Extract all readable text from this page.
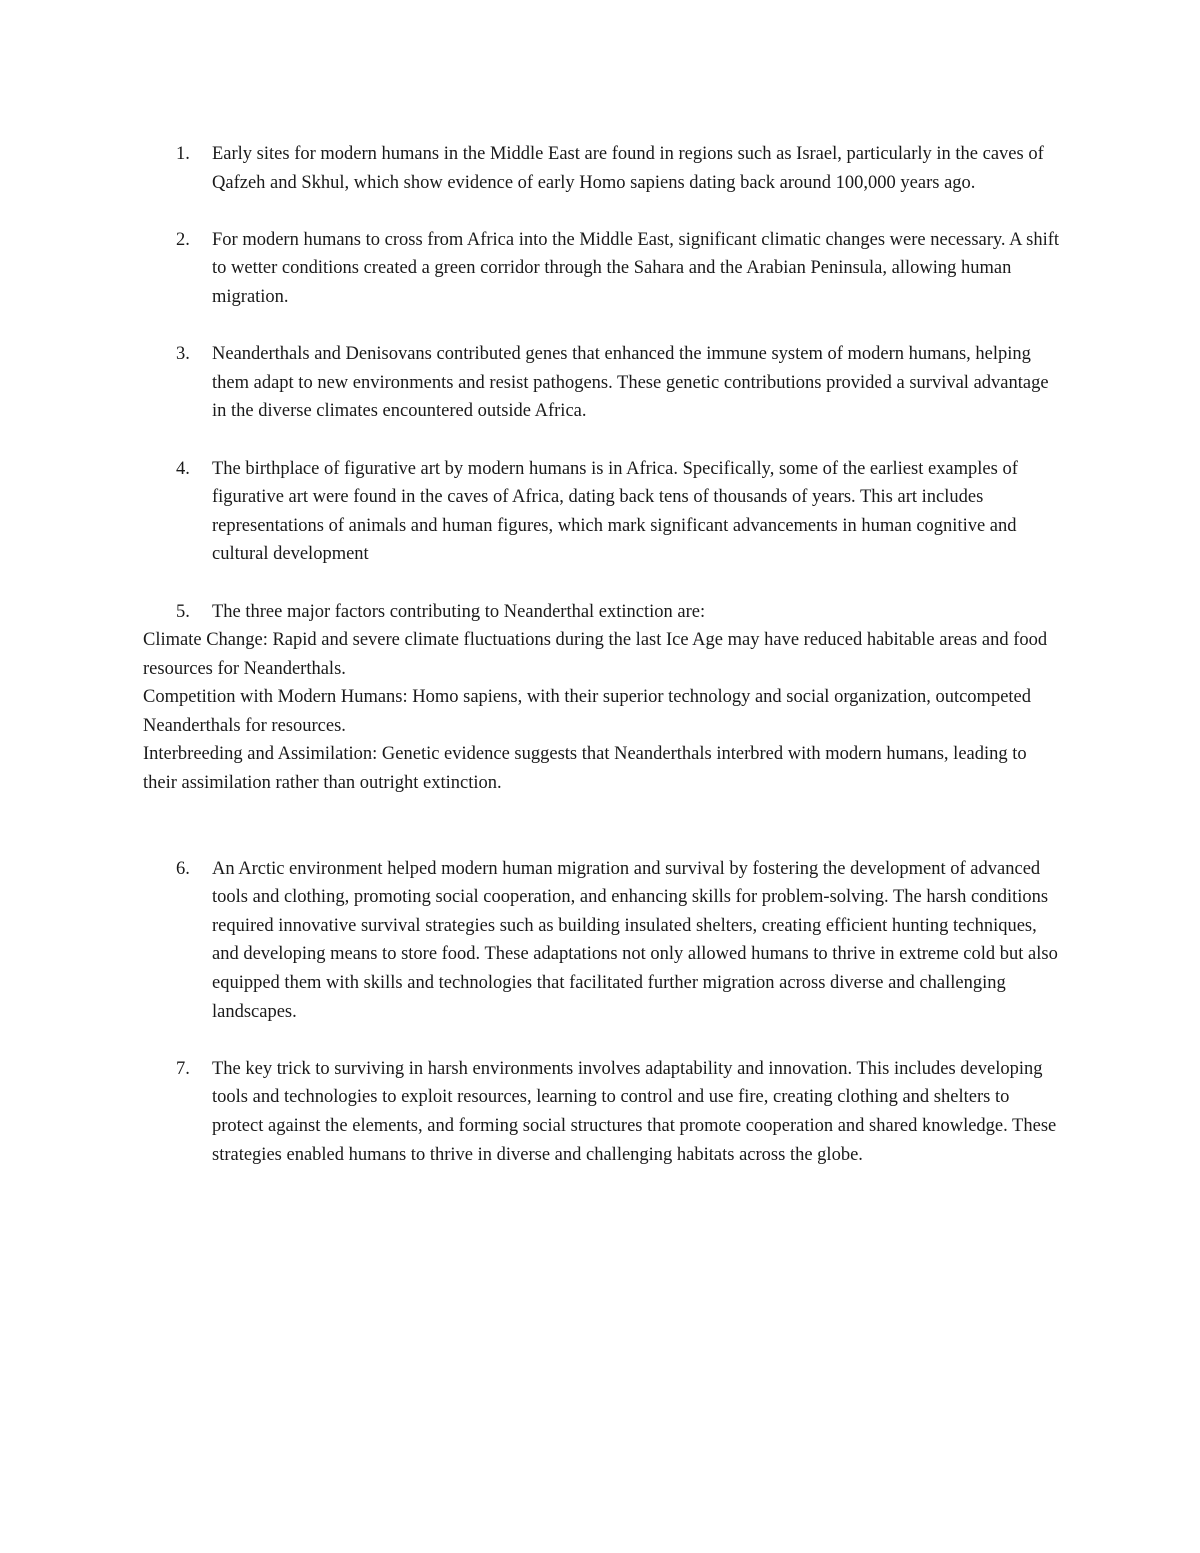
1. Early sites for modern humans in the Middle East are found in regions such as Israel, particularly in the caves of Qafzeh and Skhul, which show evidence of early Homo sapiens dating back around 100,000 years ago.
2. For modern humans to cross from Africa into the Middle East, significant climatic changes were necessary. A shift to wetter conditions created a green corridor through the Sahara and the Arabian Peninsula, allowing human migration.
3. Neanderthals and Denisovans contributed genes that enhanced the immune system of modern humans, helping them adapt to new environments and resist pathogens. These genetic contributions provided a survival advantage in the diverse climates encountered outside Africa.
4. The birthplace of figurative art by modern humans is in Africa. Specifically, some of the earliest examples of figurative art were found in the caves of Africa, dating back tens of thousands of years. This art includes representations of animals and human figures, which mark significant advancements in human cognitive and cultural development
5. The three major factors contributing to Neanderthal extinction are:

Climate Change: Rapid and severe climate fluctuations during the last Ice Age may have reduced habitable areas and food resources for Neanderthals.

Competition with Modern Humans: Homo sapiens, with their superior technology and social organization, outcompeted Neanderthals for resources.

Interbreeding and Assimilation: Genetic evidence suggests that Neanderthals interbred with modern humans, leading to their assimilation rather than outright extinction.

6. An Arctic environment helped modern human migration and survival by fostering the development of advanced tools and clothing, promoting social cooperation, and enhancing skills for problem-solving. The harsh conditions required innovative survival strategies such as building insulated shelters, creating efficient hunting techniques, and developing means to store food. These adaptations not only allowed humans to thrive in extreme cold but also equipped them with skills and technologies that facilitated further migration across diverse and challenging landscapes.
7. The key trick to surviving in harsh environments involves adaptability and innovation. This includes developing tools and technologies to exploit resources, learning to control and use fire, creating clothing and shelters to protect against the elements, and forming social structures that promote cooperation and shared knowledge. These strategies enabled humans to thrive in diverse and challenging habitats across the globe.
